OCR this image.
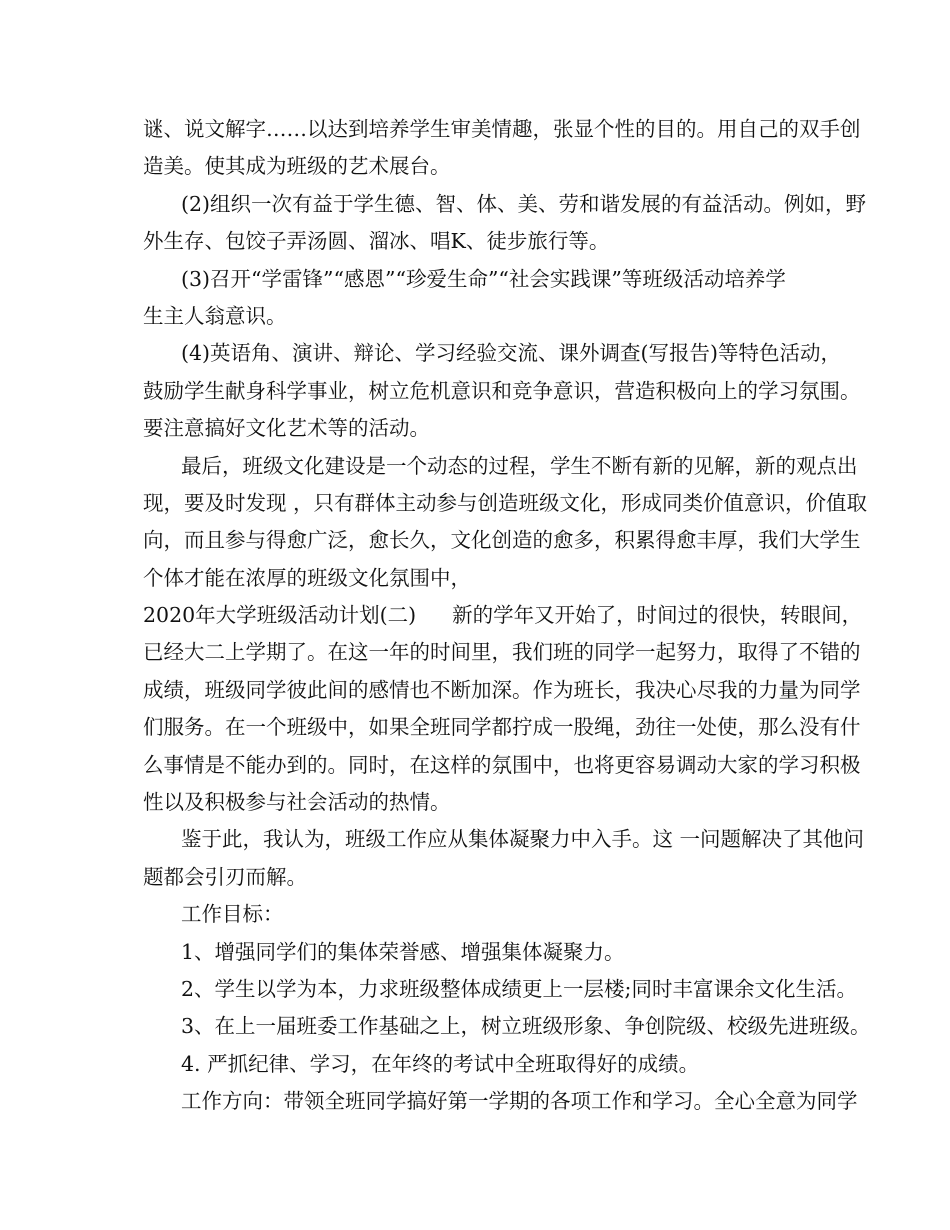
谜、说文解字……以达到培养学生审美情趣，张显个性的目的。用自己的双手创
造美。使其成为班级的艺术展台。
(2)组织一次有益于学生德、智、体、美、劳和谐发展的有益活动。例如，野
外生存、包饺子弄汤圆、溜冰、唱K、徒步旅行等。
(3)召开“学雷锋”“感恩”“珍爱生命”“社会实践课”等班级活动培养学
生主人翁意识。
(4)英语角、演讲、辩论、学习经验交流、课外调查(写报告)等特色活动，
鼓励学生献身科学事业，树立危机意识和竞争意识，营造积极向上的学习氛围。
要注意搞好文化艺术等的活动。
最后，班级文化建设是一个动态的过程，学生不断有新的见解，新的观点出
现，要及时发现 ，只有群体主动参与创造班级文化，形成同类价值意识，价值取
向，而且参与得愈广泛，愈长久，文化创造的愈多，积累得愈丰厚，我们大学生
个体才能在浓厚的班级文化氛围中，
2020年大学班级活动计划(二) 新的学年又开始了，时间过的很快，转眼间，
已经大二上学期了。在这一年的时间里，我们班的同学一起努力，取得了不错的
成绩，班级同学彼此间的感情也不断加深。作为班长，我决心尽我的力量为同学
们服务。在一个班级中，如果全班同学都拧成一股绳，劲往一处使，那么没有什
么事情是不能办到的。同时，在这样的氛围中，也将更容易调动大家的学习积极
性以及积极参与社会活动的热情。
鉴于此，我认为，班级工作应从集体凝聚力中入手。这 一问题解决了其他问
题都会引刃而解。
工作目标：
1、增强同学们的集体荣誉感、增强集体凝聚力。
2、学生以学为本，力求班级整体成绩更上一层楼;同时丰富课余文化生活。
3、在上一届班委工作基础之上，树立班级形象、争创院级、校级先进班级。
4. 严抓纪律、学习，在年终的考试中全班取得好的成绩。
工作方向：带领全班同学搞好第一学期的各项工作和学习。全心全意为同学
